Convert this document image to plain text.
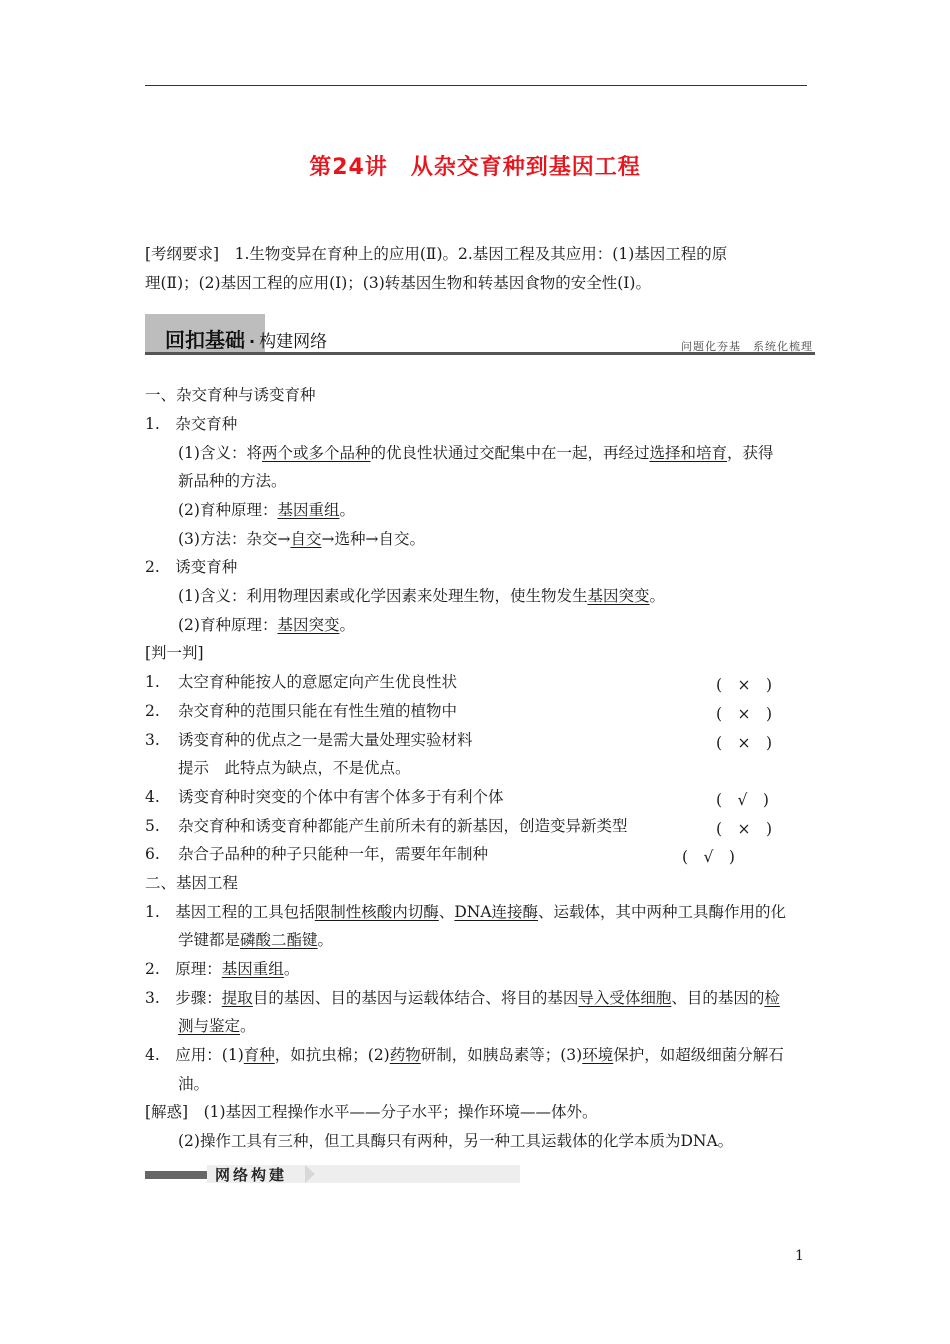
第24讲　从杂交育种到基因工程
[考纲要求]　1.生物变异在育种上的应用(Ⅱ)。2.基因工程及其应用：(1)基因工程的原
理(Ⅱ)；(2)基因工程的应用(Ⅰ)；(3)转基因生物和转基因食物的安全性(Ⅰ)。
回扣基础 · 构建网络	问题化夯基　系统化梳理
一、杂交育种与诱变育种
1.　杂交育种
(1)含义：将两个或多个品种的优良性状通过交配集中在一起，再经过选择和培育，获得
新品种的方法。
(2)育种原理：基因重组。
(3)方法：杂交→自交→选种→自交。
2.　诱变育种
(1)含义：利用物理因素或化学因素来处理生物，使生物发生基因突变。
(2)育种原理：基因突变。
[判一判]
1. 太空育种能按人的意愿定向产生优良性状	(　×　)
2. 杂交育种的范围只能在有性生殖的植物中	(　×　)
3. 诱变育种的优点之一是需大量处理实验材料	(　×　)
提示　此特点为缺点，不是优点。
4. 诱变育种时突变的个体中有害个体多于有利个体	(　√　)
5. 杂交育种和诱变育种都能产生前所未有的新基因，创造变异新类型	(　×　)
6. 杂合子品种的种子只能种一年，需要年年制种	(　√　)
二、基因工程
1.　基因工程的工具包括限制性核酸内切酶、DNA连接酶、运载体，其中两种工具酶作用的化
学键都是磷酸二酯键。
2.　原理：基因重组。
3.　步骤：提取目的基因、目的基因与运载体结合、将目的基因导入受体细胞、目的基因的检
测与鉴定。
4.　应用：(1)育种，如抗虫棉；(2)药物研制，如胰岛素等；(3)环境保护，如超级细菌分解石
油。
[解惑]　(1)基因工程操作水平——分子水平；操作环境——体外。
(2)操作工具有三种，但工具酶只有两种，另一种工具运载体的化学本质为DNA。
网络构建
1
